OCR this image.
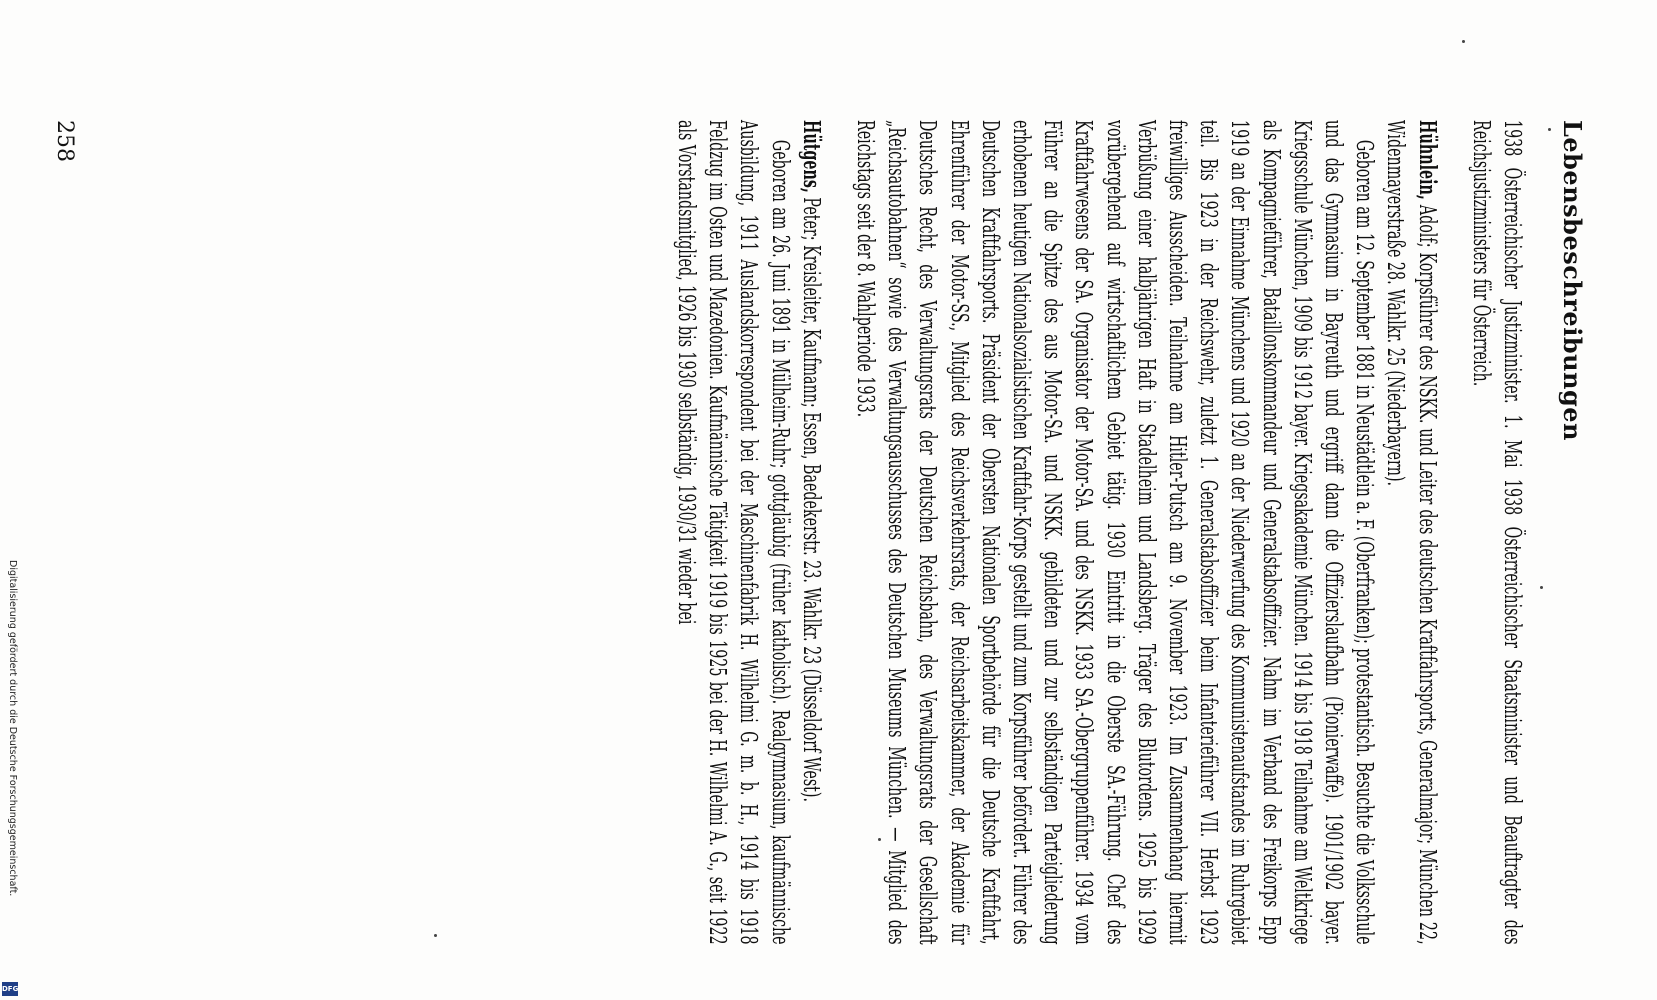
Lebensbeschreibungen

1938 Österreichischer Justizminister. 1. Mai 1938 Österreichischer Staatsminister und Beauftragter des Reichsjustizministers für Österreich.

Hühnlein, Adolf; Korpsführer des NSKK. und Leiter des deutschen Kraftfahrsports, Generalmajor; München 22, Widenmayerstraße 28. Wahlkr. 25 (Niederbayern).

Geboren am 12. September 1881 in Neustädtlein a. F. (Oberfranken); protestantisch. Besuchte die Volksschule und das Gymnasium in Bayreuth und ergriff dann die Offizierslaufbahn (Pionierwaffe). 1901/1902 bayer. Kriegsschule München, 1909 bis 1912 bayer. Kriegsakademie München. 1914 bis 1918 Teilnahme am Weltkriege als Kompagnieführer, Bataillonskommandeur und Generalstabsoffizier. Nahm im Verband des Freikorps Epp 1919 an der Einnahme Münchens und 1920 an der Niederwerfung des Kommunistenaufstandes im Ruhrgebiet teil. Bis 1923 in der Reichswehr, zuletzt 1. Generalstabsoffizier beim Infanterieführer VII. Herbst 1923 freiwilliges Ausscheiden. Teilnahme am Hitler-Putsch am 9. November 1923. Im Zusammenhang hiermit Verbüßung einer halbjährigen Haft in Stadelheim und Landsberg. Träger des Blutordens. 1925 bis 1929 vorübergehend auf wirtschaftlichem Gebiet tätig. 1930 Eintritt in die Oberste SA.-Führung. Chef des Kraftfahrwesens der SA. Organisator der Motor-SA. und des NSKK. 1933 SA.-Obergruppenführer. 1934 vom Führer an die Spitze des aus Motor-SA. und NSKK. gebildeten und zur selbständigen Parteigliederung erhobenen heutigen Nationalsozialistischen Kraftfahr-Korps gestellt und zum Korpsführer befördert. Führer des Deutschen Kraftfahrsports. Präsident der Obersten Nationalen Sportbehörde für die Deutsche Kraftfahrt, Ehrenführer der Motor-SS., Mitglied des Reichsverkehrsrats, der Reichsarbeitskammer, der Akademie für Deutsches Recht, des Verwaltungsrats der Deutschen Reichsbahn, des Verwaltungsrats der Gesellschaft „Reichsautobahnen“ sowie des Verwaltungsausschusses des Deutschen Museums München. — Mitglied des Reichstags seit der 8. Wahlperiode 1933.

Hütgens, Peter; Kreisleiter, Kaufmann; Essen, Baedekerstr. 23. Wahlkr. 23 (Düsseldorf West).

Geboren am 26. Juni 1891 in Mülheim-Ruhr; gottgläubig (früher katholisch). Realgymnasium, kaufmännische Ausbildung, 1911 Auslandskorrespondent bei der Maschinenfabrik H. Wilhelmi G. m. b. H., 1914 bis 1918 Feldzug im Osten und Mazedonien. Kaufmännische Tätigkeit 1919 bis 1925 bei der H. Wilhelmi A. G., seit 1922 als Vorstandsmitglied, 1926 bis 1930 selbständig, 1930/31 wieder bei

258
Digitalisierung gefördert durch die Deutsche Forschungsgemeinschaft.
DFG
